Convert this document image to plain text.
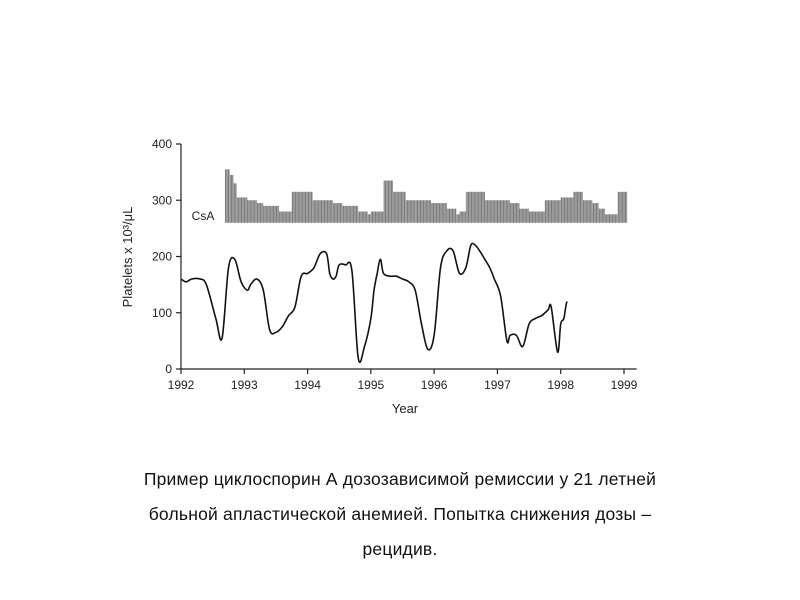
0
100
200
300
400
1992	1993	1994	1995	1996	1997	1998	1999
CsA
Year
Platelets x 10³/μL
Пример циклоспорин А дозозависимой ремиссии у 21 летней
больной апластической анемией. Попытка снижения дозы –
рецидив.
